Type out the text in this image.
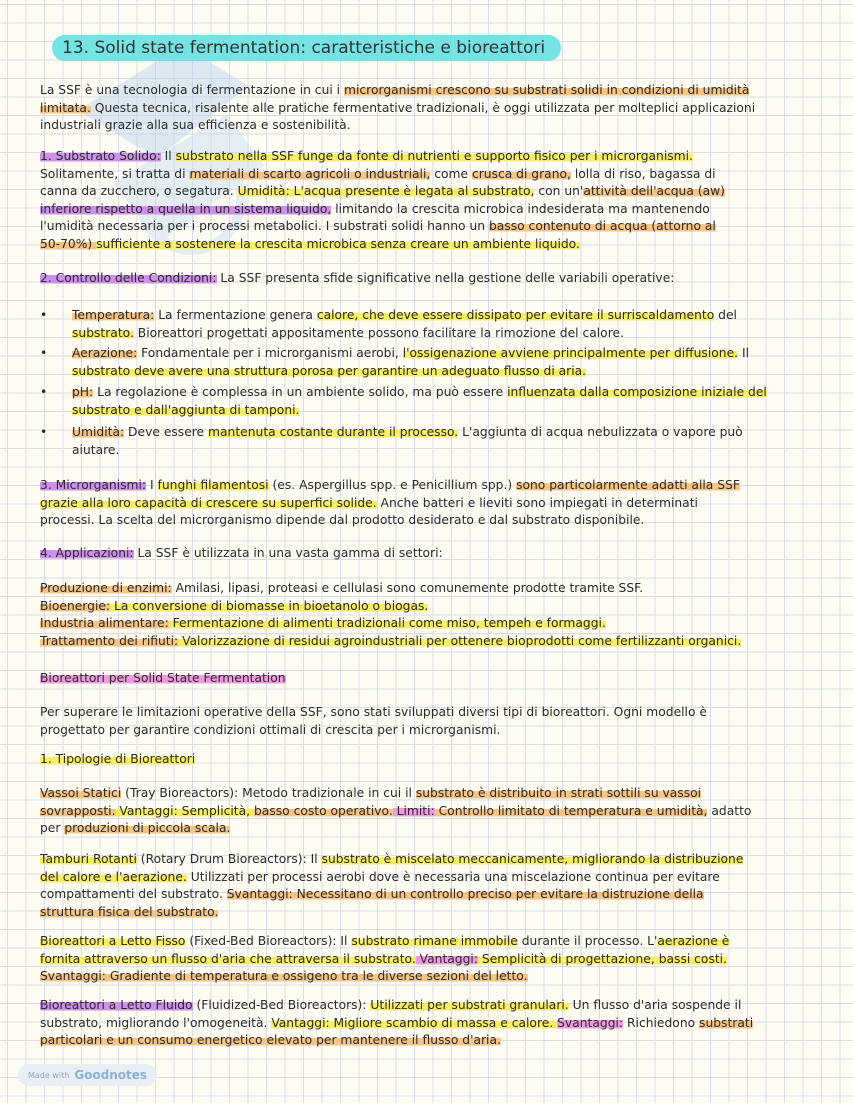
13. Solid state fermentation: caratteristiche e bioreattori

La SSF è una tecnologia di fermentazione in cui i microrganismi crescono su substrati solidi in condizioni di umidità
limitata. Questa tecnica, risalente alle pratiche fermentative tradizionali, è oggi utilizzata per molteplici applicazioni
industriali grazie alla sua efficienza e sostenibilità.

1. Substrato Solido: Il substrato nella SSF funge da fonte di nutrienti e supporto fisico per i microrganismi.
Solitamente, si tratta di materiali di scarto agricoli o industriali, come crusca di grano, lolla di riso, bagassa di
canna da zucchero, o segatura. Umidità: L'acqua presente è legata al substrato, con un'attività dell'acqua (aw)
inferiore rispetto a quella in un sistema liquido, limitando la crescita microbica indesiderata ma mantenendo
l'umidità necessaria per i processi metabolici. I substrati solidi hanno un basso contenuto di acqua (attorno al
50-70%) sufficiente a sostenere la crescita microbica senza creare un ambiente liquido.

2. Controllo delle Condizioni: La SSF presenta sfide significative nella gestione delle variabili operative:

• Temperatura: La fermentazione genera calore, che deve essere dissipato per evitare il surriscaldamento del
substrato. Bioreattori progettati appositamente possono facilitare la rimozione del calore.

• Aerazione: Fondamentale per i microrganismi aerobi, l'ossigenazione avviene principalmente per diffusione. Il
substrato deve avere una struttura porosa per garantire un adeguato flusso di aria.

• pH: La regolazione è complessa in un ambiente solido, ma può essere influenzata dalla composizione iniziale del
substrato e dall'aggiunta di tamponi.

• Umidità: Deve essere mantenuta costante durante il processo. L'aggiunta di acqua nebulizzata o vapore può
aiutare.

3. Microrganismi: I funghi filamentosi (es. Aspergillus spp. e Penicillium spp.) sono particolarmente adatti alla SSF
grazie alla loro capacità di crescere su superfici solide. Anche batteri e lieviti sono impiegati in determinati
processi. La scelta del microrganismo dipende dal prodotto desiderato e dal substrato disponibile.

4. Applicazioni: La SSF è utilizzata in una vasta gamma di settori:

Produzione di enzimi: Amilasi, lipasi, proteasi e cellulasi sono comunemente prodotte tramite SSF.
Bioenergie: La conversione di biomasse in bioetanolo o biogas.
Industria alimentare: Fermentazione di alimenti tradizionali come miso, tempeh e formaggi.
Trattamento dei rifiuti: Valorizzazione di residui agroindustriali per ottenere bioprodotti come fertilizzanti organici.

Bioreattori per Solid State Fermentation

Per superare le limitazioni operative della SSF, sono stati sviluppati diversi tipi di bioreattori. Ogni modello è
progettato per garantire condizioni ottimali di crescita per i microrganismi.

1. Tipologie di Bioreattori

Vassoi Statici (Tray Bioreactors): Metodo tradizionale in cui il substrato è distribuito in strati sottili su vassoi
sovrapposti. Vantaggi: Semplicità, basso costo operativo. Limiti: Controllo limitato di temperatura e umidità, adatto
per produzioni di piccola scala.

Tamburi Rotanti (Rotary Drum Bioreactors): Il substrato è miscelato meccanicamente, migliorando la distribuzione
del calore e l'aerazione. Utilizzati per processi aerobi dove è necessaria una miscelazione continua per evitare
compattamenti del substrato. Svantaggi: Necessitano di un controllo preciso per evitare la distruzione della
struttura fisica del substrato.

Bioreattori a Letto Fisso (Fixed-Bed Bioreactors): Il substrato rimane immobile durante il processo. L'aerazione è
fornita attraverso un flusso d'aria che attraversa il substrato. Vantaggi: Semplicità di progettazione, bassi costi.
Svantaggi: Gradiente di temperatura e ossigeno tra le diverse sezioni del letto.

Bioreattori a Letto Fluido (Fluidized-Bed Bioreactors): Utilizzati per substrati granulari. Un flusso d'aria sospende il
substrato, migliorando l'omogeneità. Vantaggi: Migliore scambio di massa e calore. Svantaggi: Richiedono substrati
particolari e un consumo energetico elevato per mantenere il flusso d'aria.

Made with Goodnotes
